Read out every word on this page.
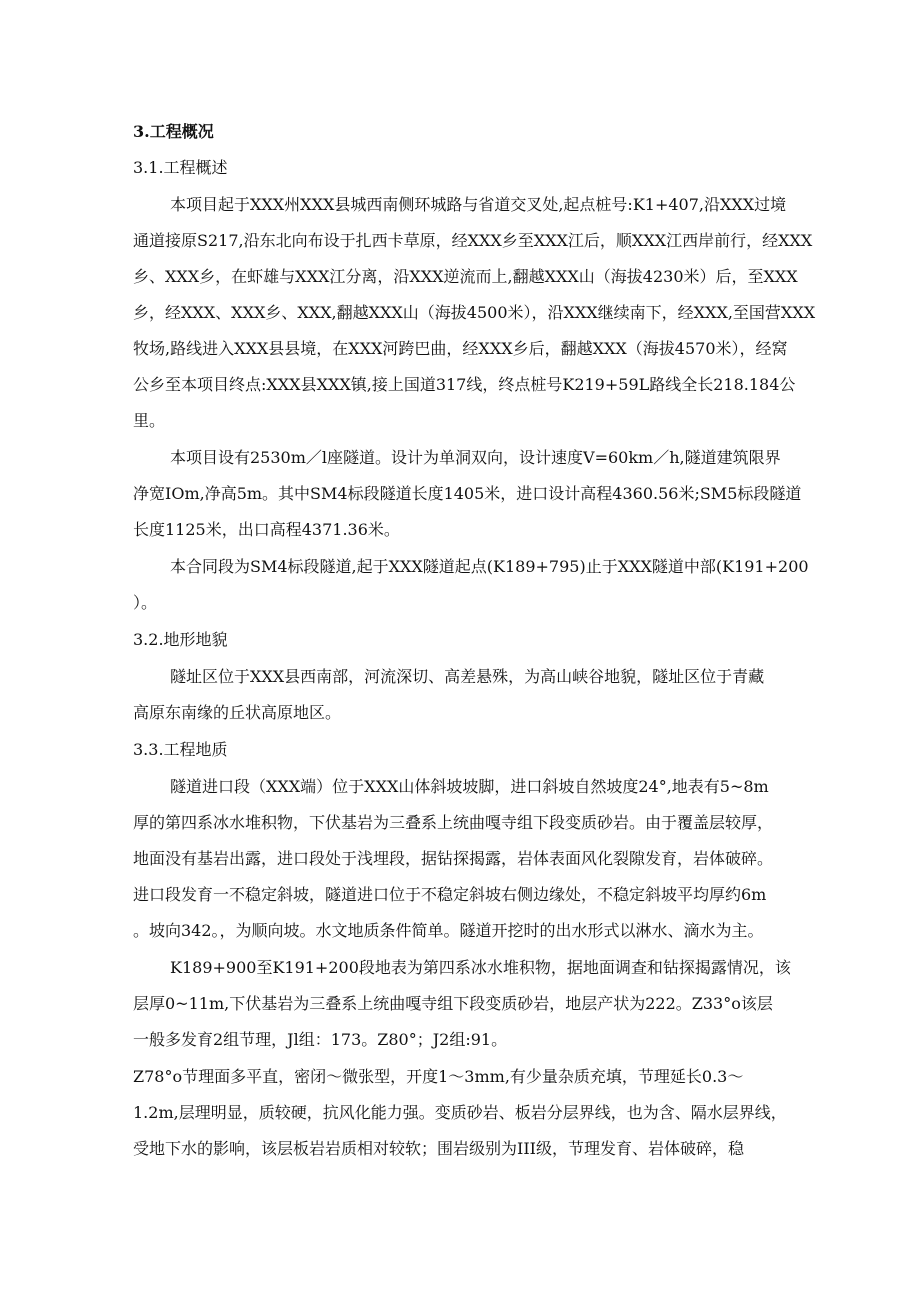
3.工程概况
3.1.工程概述
本项目起于XXX州XXX县城西南侧环城路与省道交叉处,起点桩号:K1+407,沿XXX过境
通道接原S217,沿东北向布设于扎西卡草原，经XXX乡至XXX江后，顺XXX江西岸前行，经XXX
乡、XXX乡，在虾雄与XXX江分离，沿XXX逆流而上,翻越XXX山（海拔4230米）后，至XXX
乡，经XXX、XXX乡、XXX,翻越XXX山（海拔4500米），沿XXX继续南下，经XXX,至国营XXX
牧场,路线进入XXX县县境，在XXX河跨巴曲，经XXX乡后，翻越XXX（海拔4570米），经窝
公乡至本项目终点:XXX县XXX镇,接上国道317线，终点桩号K219+59L路线全长218.184公
里。
本项目设有2530m／l座隧道。设计为单洞双向，设计速度V=60km／h,隧道建筑限界
净宽IOm,净高5m。其中SM4标段隧道长度1405米，进口设计高程4360.56米;SM5标段隧道
长度1125米，出口高程4371.36米。
本合同段为SM4标段隧道,起于XXX隧道起点(K189+795)止于XXX隧道中部(K191+200
）。
3.2.地形地貌
隧址区位于XXX县西南部，河流深切、高差悬殊，为高山峡谷地貌，隧址区位于青藏
高原东南缘的丘状高原地区。
3.3.工程地质
隧道进口段（XXX端）位于XXX山体斜坡坡脚，进口斜坡自然坡度24°,地表有5~8m
厚的第四系冰水堆积物，下伏基岩为三叠系上统曲嘎寺组下段变质砂岩。由于覆盖层较厚，
地面没有基岩出露，进口段处于浅埋段，据钻探揭露，岩体表面风化裂隙发育，岩体破碎。
进口段发育一不稳定斜坡，隧道进口位于不稳定斜坡右侧边缘处，不稳定斜坡平均厚约6m
。坡向342。，为顺向坡。水文地质条件简单。隧道开挖时的出水形式以淋水、滴水为主。
K189+900至K191+200段地表为第四系冰水堆积物，据地面调查和钻探揭露情况，该
层厚0~11m,下伏基岩为三叠系上统曲嘎寺组下段变质砂岩，地层产状为222。Z33°o该层
一般多发育2组节理，Jl组：173。Z80°；J2组:91。
Z78°o节理面多平直，密闭～微张型，开度1～3mm,有少量杂质充填，节理延长0.3～
1.2m,层理明显，质较硬，抗风化能力强。变质砂岩、板岩分层界线，也为含、隔水层界线，
受地下水的影响，该层板岩岩质相对较软；围岩级别为III级，节理发育、岩体破碎，稳
